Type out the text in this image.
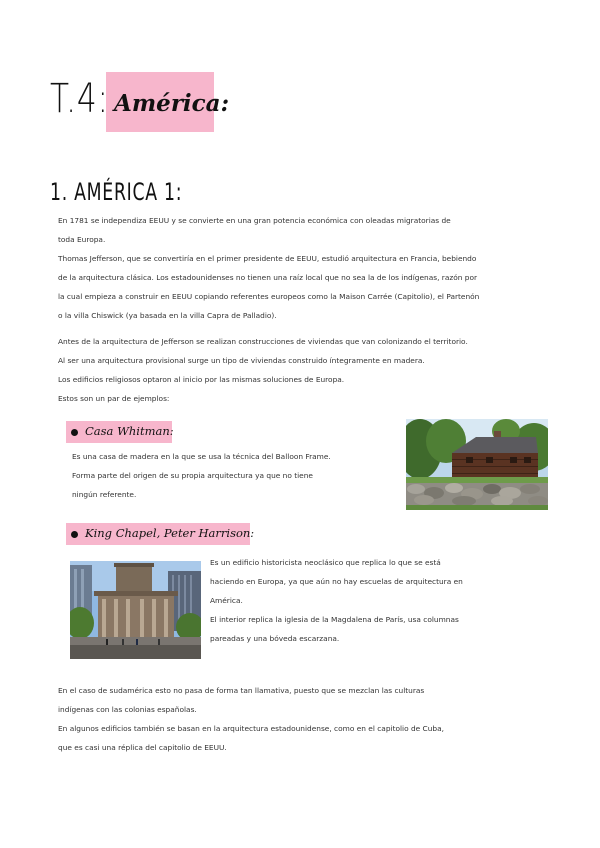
T.4: América:
1. AMÉRICA 1:
En 1781 se independiza EEUU y se convierte en una gran potencia económica con oleadas migratorias de
toda Europa.
Thomas Jefferson, que se convertiría en el primer presidente de EEUU, estudió arquitectura en Francia, bebiendo
de la arquitectura clásica. Los estadounidenses no tienen una raíz local que no sea la de los indígenas, razón por
la cual empieza a construir en EEUU copiando referentes europeos como la Maison Carrée (Capitolio), el Partenón
o la villa Chiswick (ya basada en la villa Capra de Palladio).
Antes de la arquitectura de Jefferson se realizan construcciones de viviendas que van colonizando el territorio.
Al ser una arquitectura provisional surge un tipo de viviendas construido íntegramente en madera.
Los edificios religiosos optaron al inicio por las mismas soluciones de Europa.
Estos son un par de ejemplos:
Casa Whitman:
Es una casa de madera en la que se usa la técnica del Balloon Frame.
Forma parte del origen de su propia arquitectura ya que no tiene
ningún referente.
King Chapel, Peter Harrison:
Es un edificio historicista neoclásico que replica lo que se está
haciendo en Europa, ya que aún no hay escuelas de arquitectura en
América.
El interior replica la iglesia de la Magdalena de París, usa columnas
pareadas y una bóveda escarzana.
En el caso de sudamérica esto no pasa de forma tan llamativa, puesto que se mezclan las culturas
indígenas con las colonias españolas.
En algunos edificios también se basan en la arquitectura estadounidense, como en el capitolio de Cuba,
que es casi una réplica del capitolio de EEUU.
